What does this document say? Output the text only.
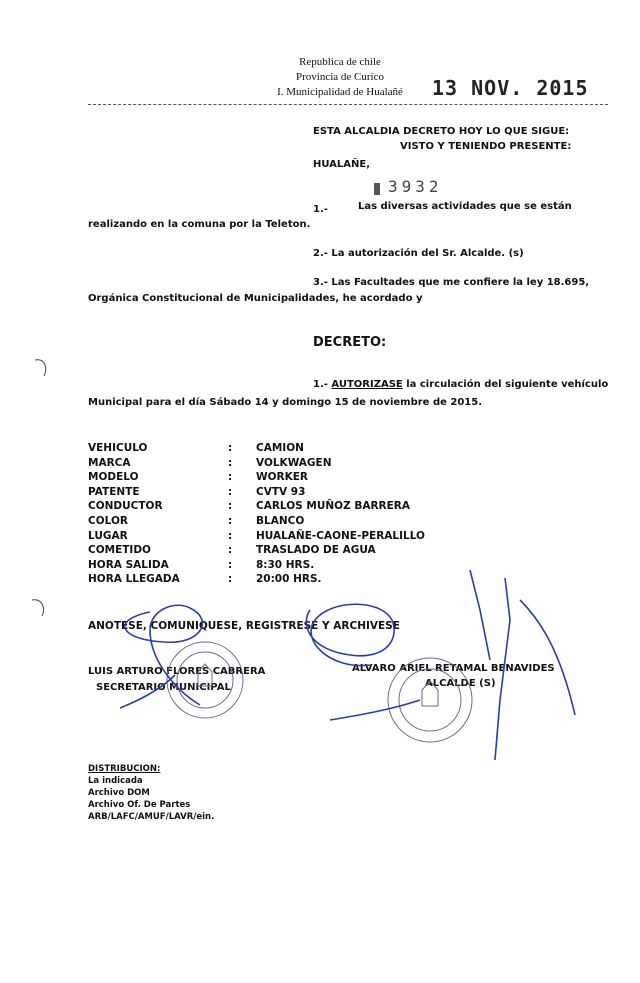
Republica de chile
Provincia de Curico
I. Municipalidad de Hualañé	13 NOV. 2015
ESTA ALCALDIA DECRETO HOY LO QUE SIGUE:
VISTO Y TENIENDO PRESENTE:
HUALAÑE,
3932
1.-	Las diversas actividades que se están
realizando en la comuna por la Teleton.
2.- La autorización del Sr. Alcalde. (s)
3.- Las Facultades que me confiere la ley 18.695,
Orgánica Constitucional de Municipalidades, he acordado y
DECRETO:
1.- AUTORIZASE la circulación del siguiente vehículo
Municipal para el día Sábado 14 y domingo 15 de noviembre de 2015.
VEHICULO	:	CAMION
MARCA	:	VOLKWAGEN
MODELO	:	WORKER
PATENTE	:	CVTV 93
CONDUCTOR	:	CARLOS MUÑOZ BARRERA
COLOR	:	BLANCO
LUGAR	:	HUALAÑE-CAONE-PERALILLO
COMETIDO	:	TRASLADO DE AGUA
HORA SALIDA	:	8:30 HRS.
HORA LLEGADA	:	20:00 HRS.
ANOTESE, COMUNIQUESE, REGISTRESE Y ARCHIVESE
LUIS ARTURO FLORES CABRERA
SECRETARIO MUNICIPAL
ALVARO ARIEL RETAMAL BENAVIDES
ALCALDE (S)
DISTRIBUCION:
La indicada
Archivo DOM
Archivo Of. De Partes
ARB/LAFC/AMUF/LAVR/ein.
